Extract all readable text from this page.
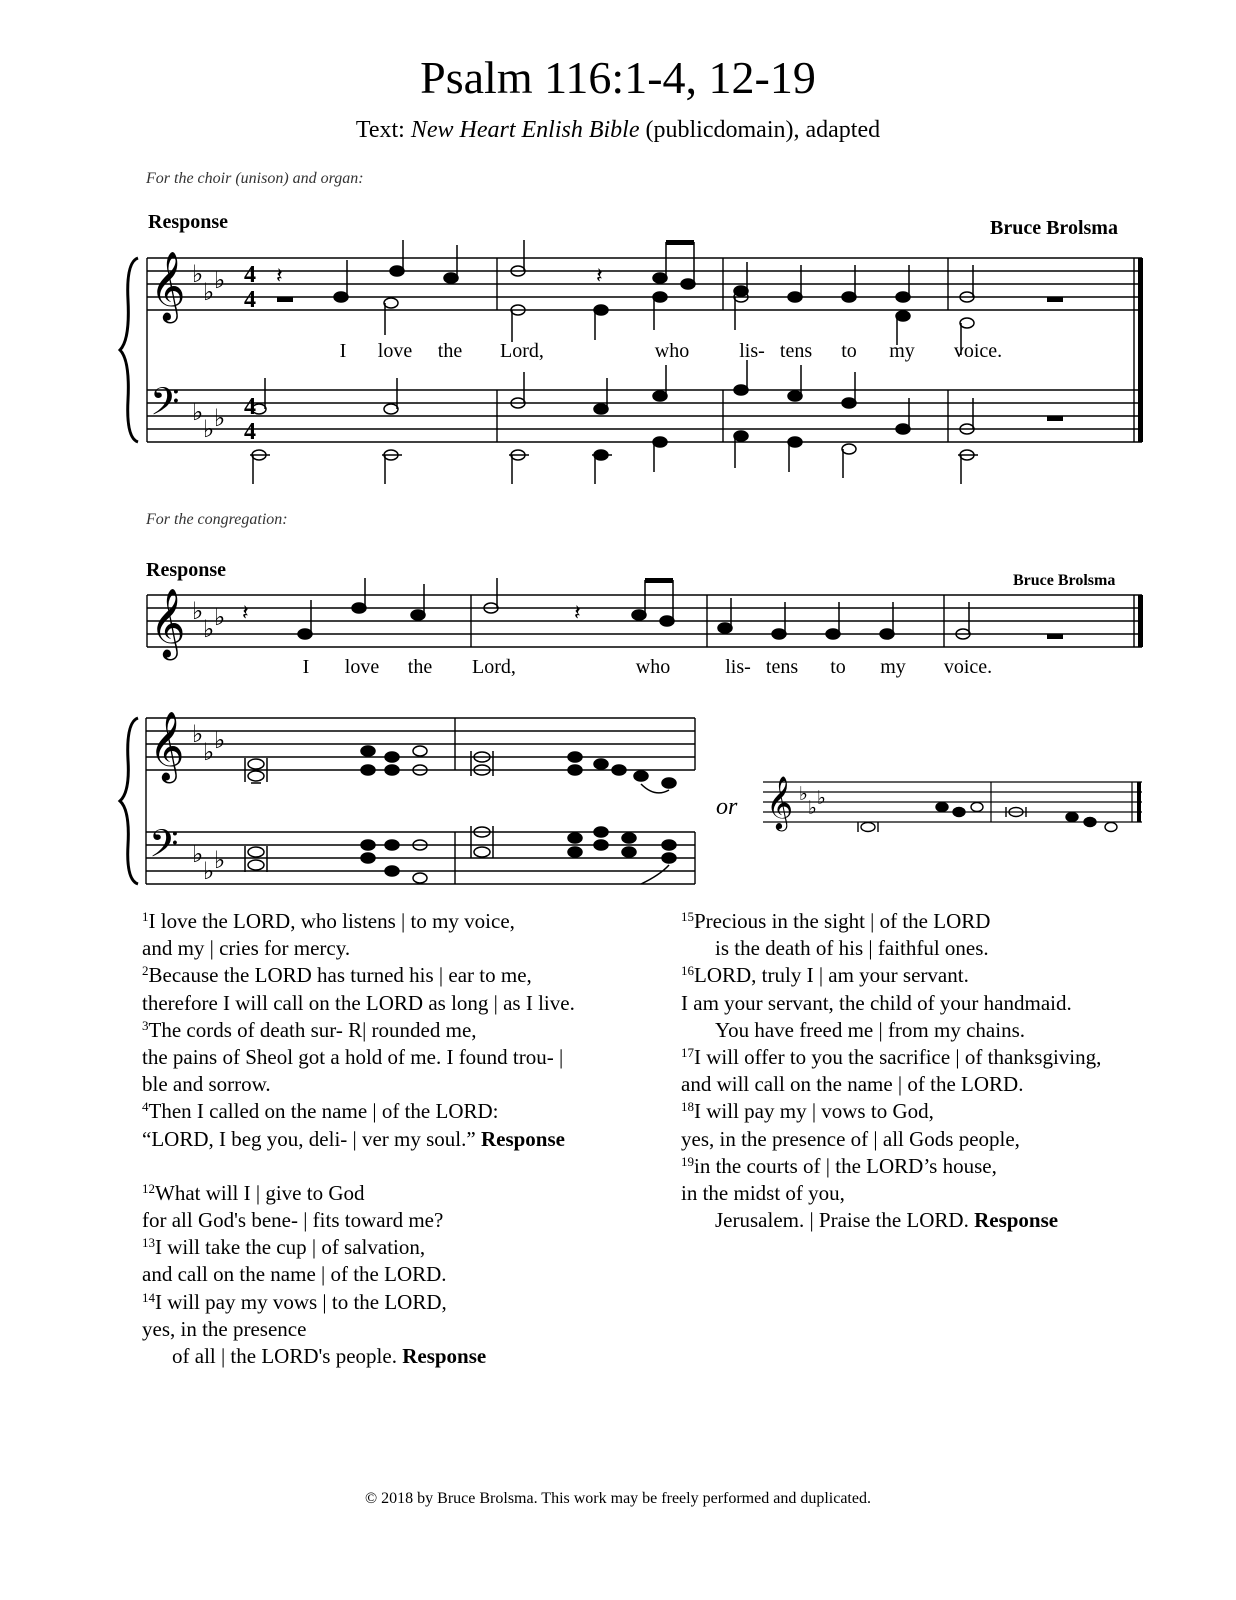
Psalm 116:1-4, 12-19
Text: New Heart Enlish Bible (publicdomain), adapted
For the choir (unison) and organ:
Response	Bruce Brolsma
𝄞
𝄢
♭
♭ ♭
♭
♭ ♭
4
4
4
4
𝄽	𝄽
I love the Lord,	who lis- tens to my voice.
For the congregation:
Response	Bruce Brolsma
𝄞 ♭
♭ ♭ 𝄽	𝄽
I love the Lord,	who	lis- tens to my voice.
𝄞
𝄢
♭
♭ ♭
♭
♭ ♭
𝄞 ♭
♭ ♭
or
$^1$I love the LORD, who listens | to my voice,
and my | cries for mercy.
$^2$Because the LORD has turned his | ear to me,
therefore I will call on the LORD as long | as I live.
$^3$The cords of death sur- R| rounded me,
the pains of Sheol got a hold of me. I found trou- |
ble and sorrow.
$^4$Then I called on the name | of the LORD:
“LORD, I beg you, deli- | ver my soul.” Response
$^{12}$What will I | give to God
for all God's bene- | fits toward me?
$^{13}$I will take the cup | of salvation,
and call on the name | of the LORD.
$^{14}$I will pay my vows | to the LORD,
yes, in the presence
of all | the LORD's people. Response
$^{15}$Precious in the sight | of the LORD
is the death of his | faithful ones.
$^{16}$LORD, truly I | am your servant.
I am your servant, the child of your handmaid.
You have freed me | from my chains.
$^{17}$I will offer to you the sacrifice | of thanksgiving,
and will call on the name | of the LORD.
$^{18}$I will pay my | vows to God,
yes, in the presence of | all Gods people,
$^{19}$in the courts of | the LORD’s house,
in the midst of you,
Jerusalem. | Praise the LORD. Response
© 2018 by Bruce Brolsma. This work may be freely performed and duplicated.
